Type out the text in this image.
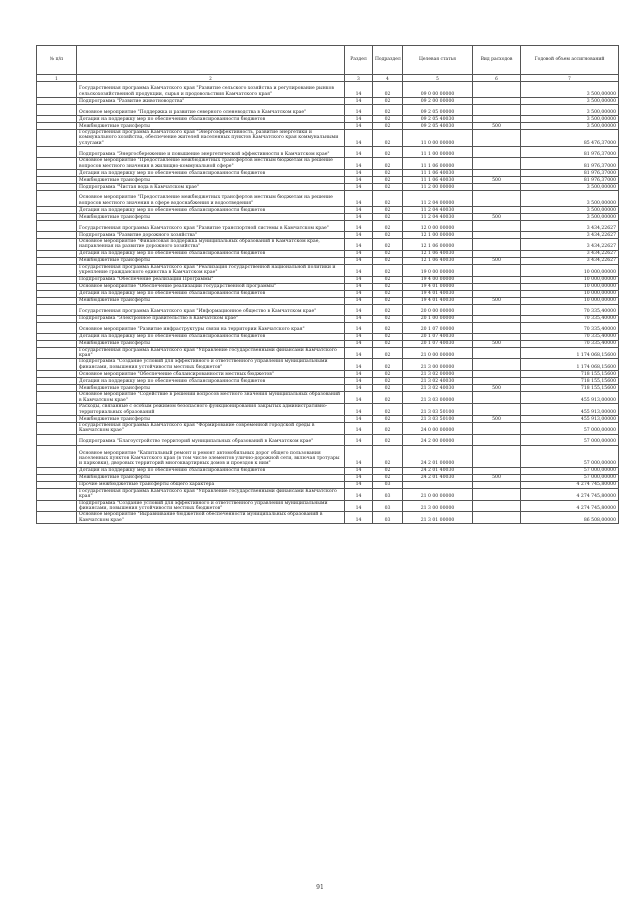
№ п/п		Раздел	Подраздел	Целевая статья	Вид расходов	Годовой объем ассигнований
1	2	3	4	5	6	7
	Государственная программа Камчатского края "Развитие сельского хозяйства и регулирование рынков сельскохозяйственной продукции, сырья и продовольствия Камчатского края"	14	02	09 0 00 00000		3 500,00000
	Подпрограмма "Развитие животноводства"	14	02	09 2 00 00000		3 500,00000
	Основное мероприятие "Поддержка и развитие северного оленеводства в Камчатском крае"	14	02	09 2 05 00000		3 500,00000
	Дотация на поддержку мер по обеспечению сбалансированности бюджетов	14	02	09 2 05 40030		3 500,00000
	Межбюджетные трансферты	14	02	09 2 05 40030	500	3 500,00000
	Государственная программа Камчатского края "Энергоэффективность, развитие энергетики и коммунального хозяйства, обеспечение жителей населенных пунктов Камчатского края коммунальными услугами"	14	02	11 0 00 00000		85 476,37000
	Подпрограмма "Энергосбережение и повышение энергетической эффективности в Камчатском крае"	14	02	11 1 00 00000		81 976,37000
	Основное мероприятие "Предоставление межбюджетных трансфертов местным бюджетам на решение вопросов местного значения в жилищно-коммунальной сфере"	14	02	11 1 06 00000		81 976,37000
	Дотация на поддержку мер по обеспечению сбалансированности бюджетов	14	02	11 1 06 40030		81 976,37000
	Межбюджетные трансферты	14	02	11 1 06 40030	500	81 976,37000
	Подпрограмма "Чистая вода в Камчатском крае"	14	02	11 2 00 00000		3 500,00000
	Основное мероприятие "Предоставление межбюджетных трансфертов местным бюджетам на решение вопросов местного значения в сфере водоснабжения и водоотведения"	14	02	11 2 04 00000		3 500,00000
	Дотация на поддержку мер по обеспечению сбалансированности бюджетов	14	02	11 2 04 40030		3 500,00000
	Межбюджетные трансферты	14	02	11 2 04 40030	500	3 500,00000
	Государственная программа Камчатского края "Развитие транспортной системы в Камчатском крае"	14	02	12 0 00 00000		3 434,22627
	Подпрограмма "Развитие дорожного хозяйства"	14	02	12 1 00 00000		3 434,22627
	Основное мероприятие "Финансовая поддержка муниципальных образований в Камчатском крае, направленная на развитие дорожного хозяйства"	14	02	12 1 06 00000		3 434,22627
	Дотация на поддержку мер по обеспечению сбалансированности бюджетов	14	02	12 1 06 40030		3 434,22627
	Межбюджетные трансферты	14	02	12 1 06 40030	500	3 434,22627
	Государственная программа Камчатского края "Реализация государственной национальной политики и укрепление гражданского единства в Камчатском крае"	14	02	19 0 00 00000		10 000,00000
	Подпрограмма "Обеспечение реализации Программы"	14	02	19 4 00 00000		10 000,00000
	Основное мероприятие "Обеспечение реализации государственной программы"	14	02	19 4 01 00000		10 000,00000
	Дотация на поддержку мер по обеспечению сбалансированности бюджетов	14	02	19 4 01 40030		10 000,00000
	Межбюджетные трансферты	14	02	19 4 01 40030	500	10 000,00000
	Государственная программа Камчатского края "Информационное общество в Камчатском крае"	14	02	20 0 00 00000		70 335,40000
	Подпрограмма "Электронное правительство в Камчатском крае"	14	02	20 1 00 00000		70 335,40000
	Основное мероприятие "Развитие инфраструктуры связи на территории Камчатского края"	14	02	20 1 07 00000		70 335,40000
	Дотация на поддержку мер по обеспечению сбалансированности бюджетов	14	02	20 1 07 40030		70 335,40000
	Межбюджетные трансферты	14	02	20 1 07 40030	500	70 335,40000
	Государственная программа Камчатского края "Управление государственными финансами Камчатского края"	14	02	21 0 00 00000		1 174 068,15600
	Подпрограмма "Создание условий для эффективного и ответственного управления муниципальными финансами, повышения устойчивости местных бюджетов"	14	02	21 3 00 00000		1 174 068,15600
	Основное мероприятие "Обеспечение сбалансированности местных бюджетов"	14	02	21 3 02 00000		718 155,15600
	Дотация на поддержку мер по обеспечению сбалансированности бюджетов	14	02	21 3 02 40030		718 155,15600
	Межбюджетные трансферты	14	02	21 3 02 40030	500	718 155,15600
	Основное мероприятие "Содействие в решении вопросов местного значения муниципальных образований в Камчатском крае"	14	02	21 3 03 00000		455 913,00000
	Расходы, связанные с особым режимом безопасного функционирования закрытых административно-территориальных образований	14	02	21 3 03 50100		455 913,00000
	Межбюджетные трансферты	14	02	21 3 03 50100	500	455 913,00000
	Государственная программа Камчатского края "Формирование современной городской среды в Камчатском крае"	14	02	24 0 00 00000		57 000,00000
	Подпрограмма "Благоустройство территорий муниципальных образований в Камчатском крае"	14	02	24 2 00 00000		57 000,00000
	Основное мероприятие "Капитальный ремонт и ремонт автомобильных дорог общего пользования населенных пунктов Камчатского края (в том числе элементов улично-дорожной сети, включая тротуары и парковки), дворовых территорий многоквартирных домов и проездов к ним"	14	02	24 2 01 00000		57 000,00000
	Дотация на поддержку мер по обеспечению сбалансированности бюджетов	14	02	24 2 01 40030		57 000,00000
	Межбюджетные трансферты	14	02	24 2 01 40030	500	57 000,00000
	Прочие межбюджетные трансферты общего характера	14	03			4 274 745,80000
	Государственная программа Камчатского края "Управление государственными финансами Камчатского края"	14	03	21 0 00 00000		4 274 745,80000
	Подпрограмма "Создание условий для эффективного и ответственного управления муниципальными финансами, повышения устойчивости местных бюджетов"	14	03	21 3 00 00000		4 274 745,80000
	Основное мероприятие "Выравнивание бюджетной обеспеченности муниципальных образований в Камчатском крае"	14	03	21 3 01 00000		86 508,00000
91
